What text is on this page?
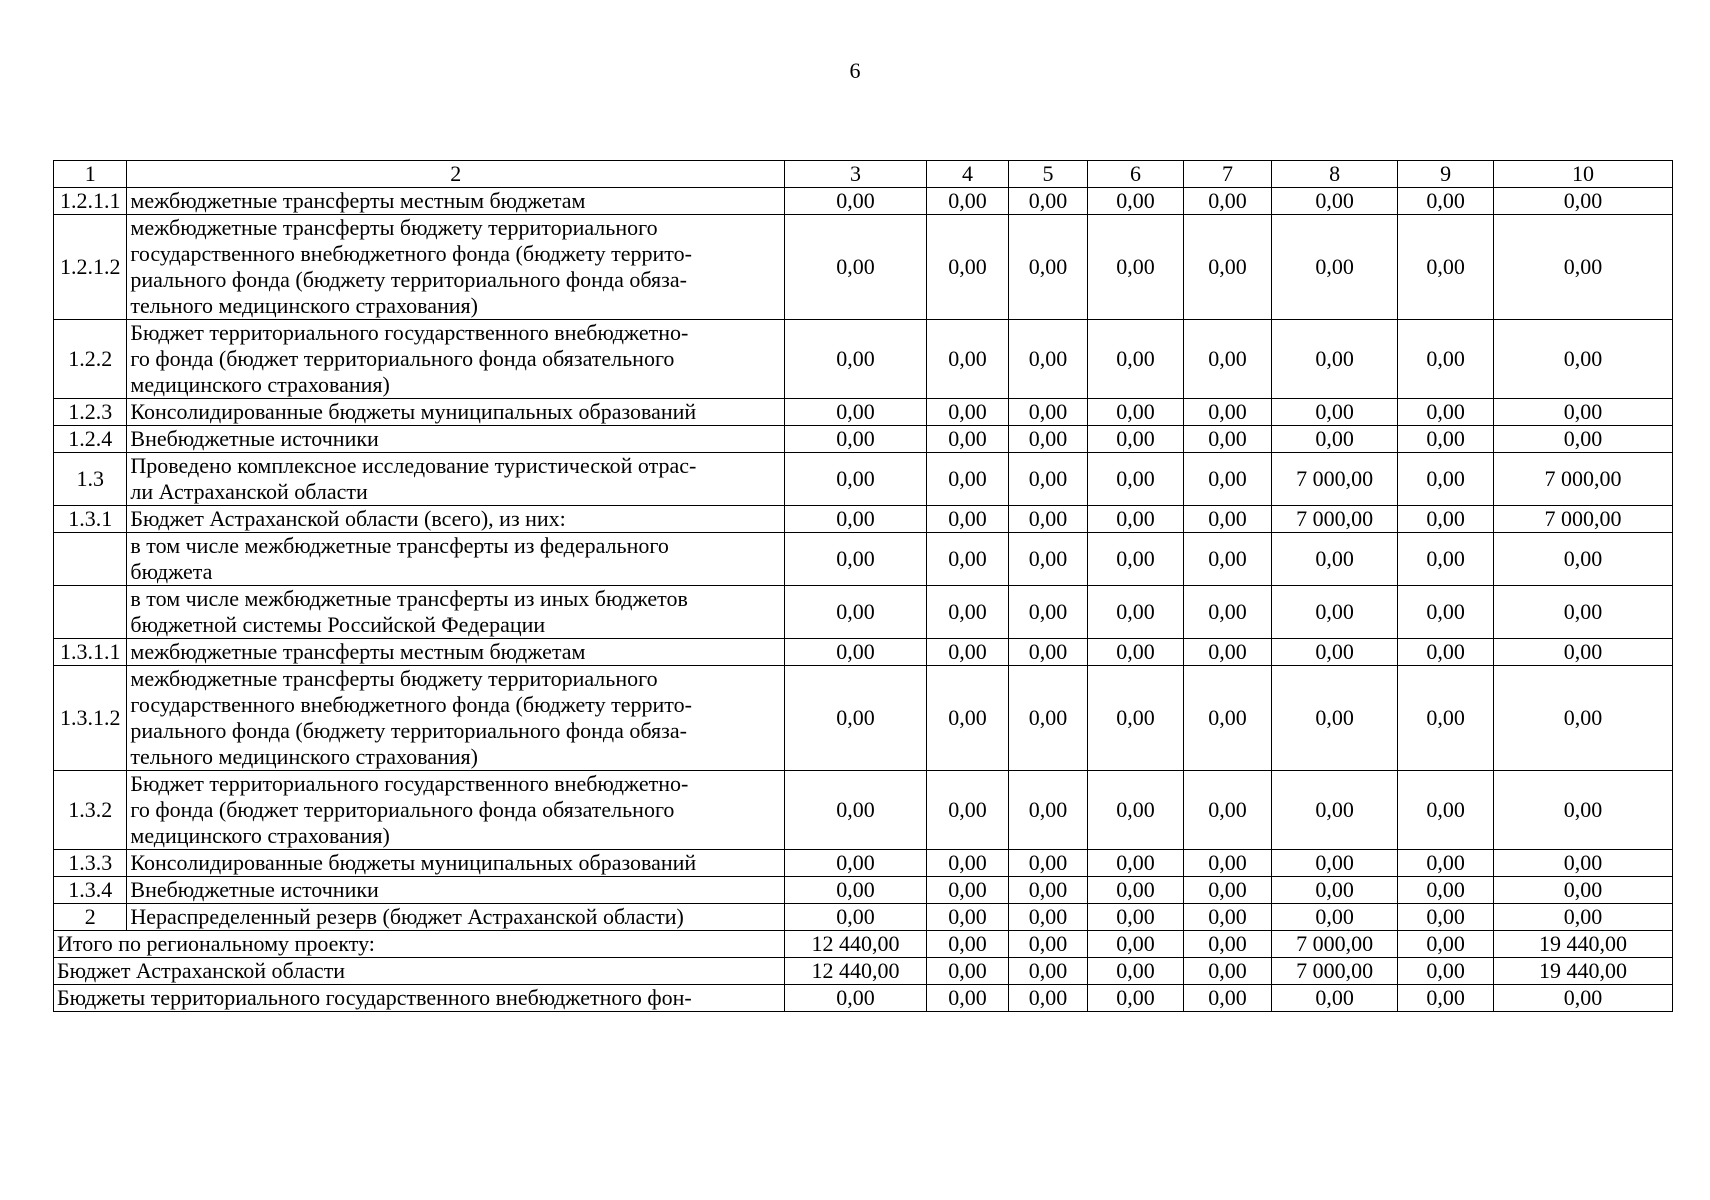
6
1	2	3	4	5	6	7	8	9	10
1.2.1.1	межбюджетные трансферты местным бюджетам	0,00	0,00	0,00	0,00	0,00	0,00	0,00	0,00
1.2.1.2	межбюджетные трансферты бюджету территориального
государственного внебюджетного фонда (бюджету террито-
риального фонда (бюджету территориального фонда обяза-
тельного медицинского страхования)	0,00	0,00	0,00	0,00	0,00	0,00	0,00	0,00
1.2.2	Бюджет территориального государственного внебюджетно-
го фонда (бюджет территориального фонда обязательного
медицинского страхования)	0,00	0,00	0,00	0,00	0,00	0,00	0,00	0,00
1.2.3	Консолидированные бюджеты муниципальных образований	0,00	0,00	0,00	0,00	0,00	0,00	0,00	0,00
1.2.4	Внебюджетные источники	0,00	0,00	0,00	0,00	0,00	0,00	0,00	0,00
1.3	Проведено комплексное исследование туристической отрас-
ли Астраханской области	0,00	0,00	0,00	0,00	0,00	7 000,00	0,00	7 000,00
1.3.1	Бюджет Астраханской области (всего), из них:	0,00	0,00	0,00	0,00	0,00	7 000,00	0,00	7 000,00
	в том числе межбюджетные трансферты из федерального
бюджета	0,00	0,00	0,00	0,00	0,00	0,00	0,00	0,00
	в том числе межбюджетные трансферты из иных бюджетов
бюджетной системы Российской Федерации	0,00	0,00	0,00	0,00	0,00	0,00	0,00	0,00
1.3.1.1	межбюджетные трансферты местным бюджетам	0,00	0,00	0,00	0,00	0,00	0,00	0,00	0,00
1.3.1.2	межбюджетные трансферты бюджету территориального
государственного внебюджетного фонда (бюджету террито-
риального фонда (бюджету территориального фонда обяза-
тельного медицинского страхования)	0,00	0,00	0,00	0,00	0,00	0,00	0,00	0,00
1.3.2	Бюджет территориального государственного внебюджетно-
го фонда (бюджет территориального фонда обязательного
медицинского страхования)	0,00	0,00	0,00	0,00	0,00	0,00	0,00	0,00
1.3.3	Консолидированные бюджеты муниципальных образований	0,00	0,00	0,00	0,00	0,00	0,00	0,00	0,00
1.3.4	Внебюджетные источники	0,00	0,00	0,00	0,00	0,00	0,00	0,00	0,00
2	Нераспределенный резерв (бюджет Астраханской области)	0,00	0,00	0,00	0,00	0,00	0,00	0,00	0,00
Итого по региональному проекту:		12 440,00	0,00	0,00	0,00	0,00	7 000,00	0,00	19 440,00
Бюджет Астраханской области		12 440,00	0,00	0,00	0,00	0,00	7 000,00	0,00	19 440,00
Бюджеты территориального государственного внебюджетного фон-		0,00	0,00	0,00	0,00	0,00	0,00	0,00	0,00
